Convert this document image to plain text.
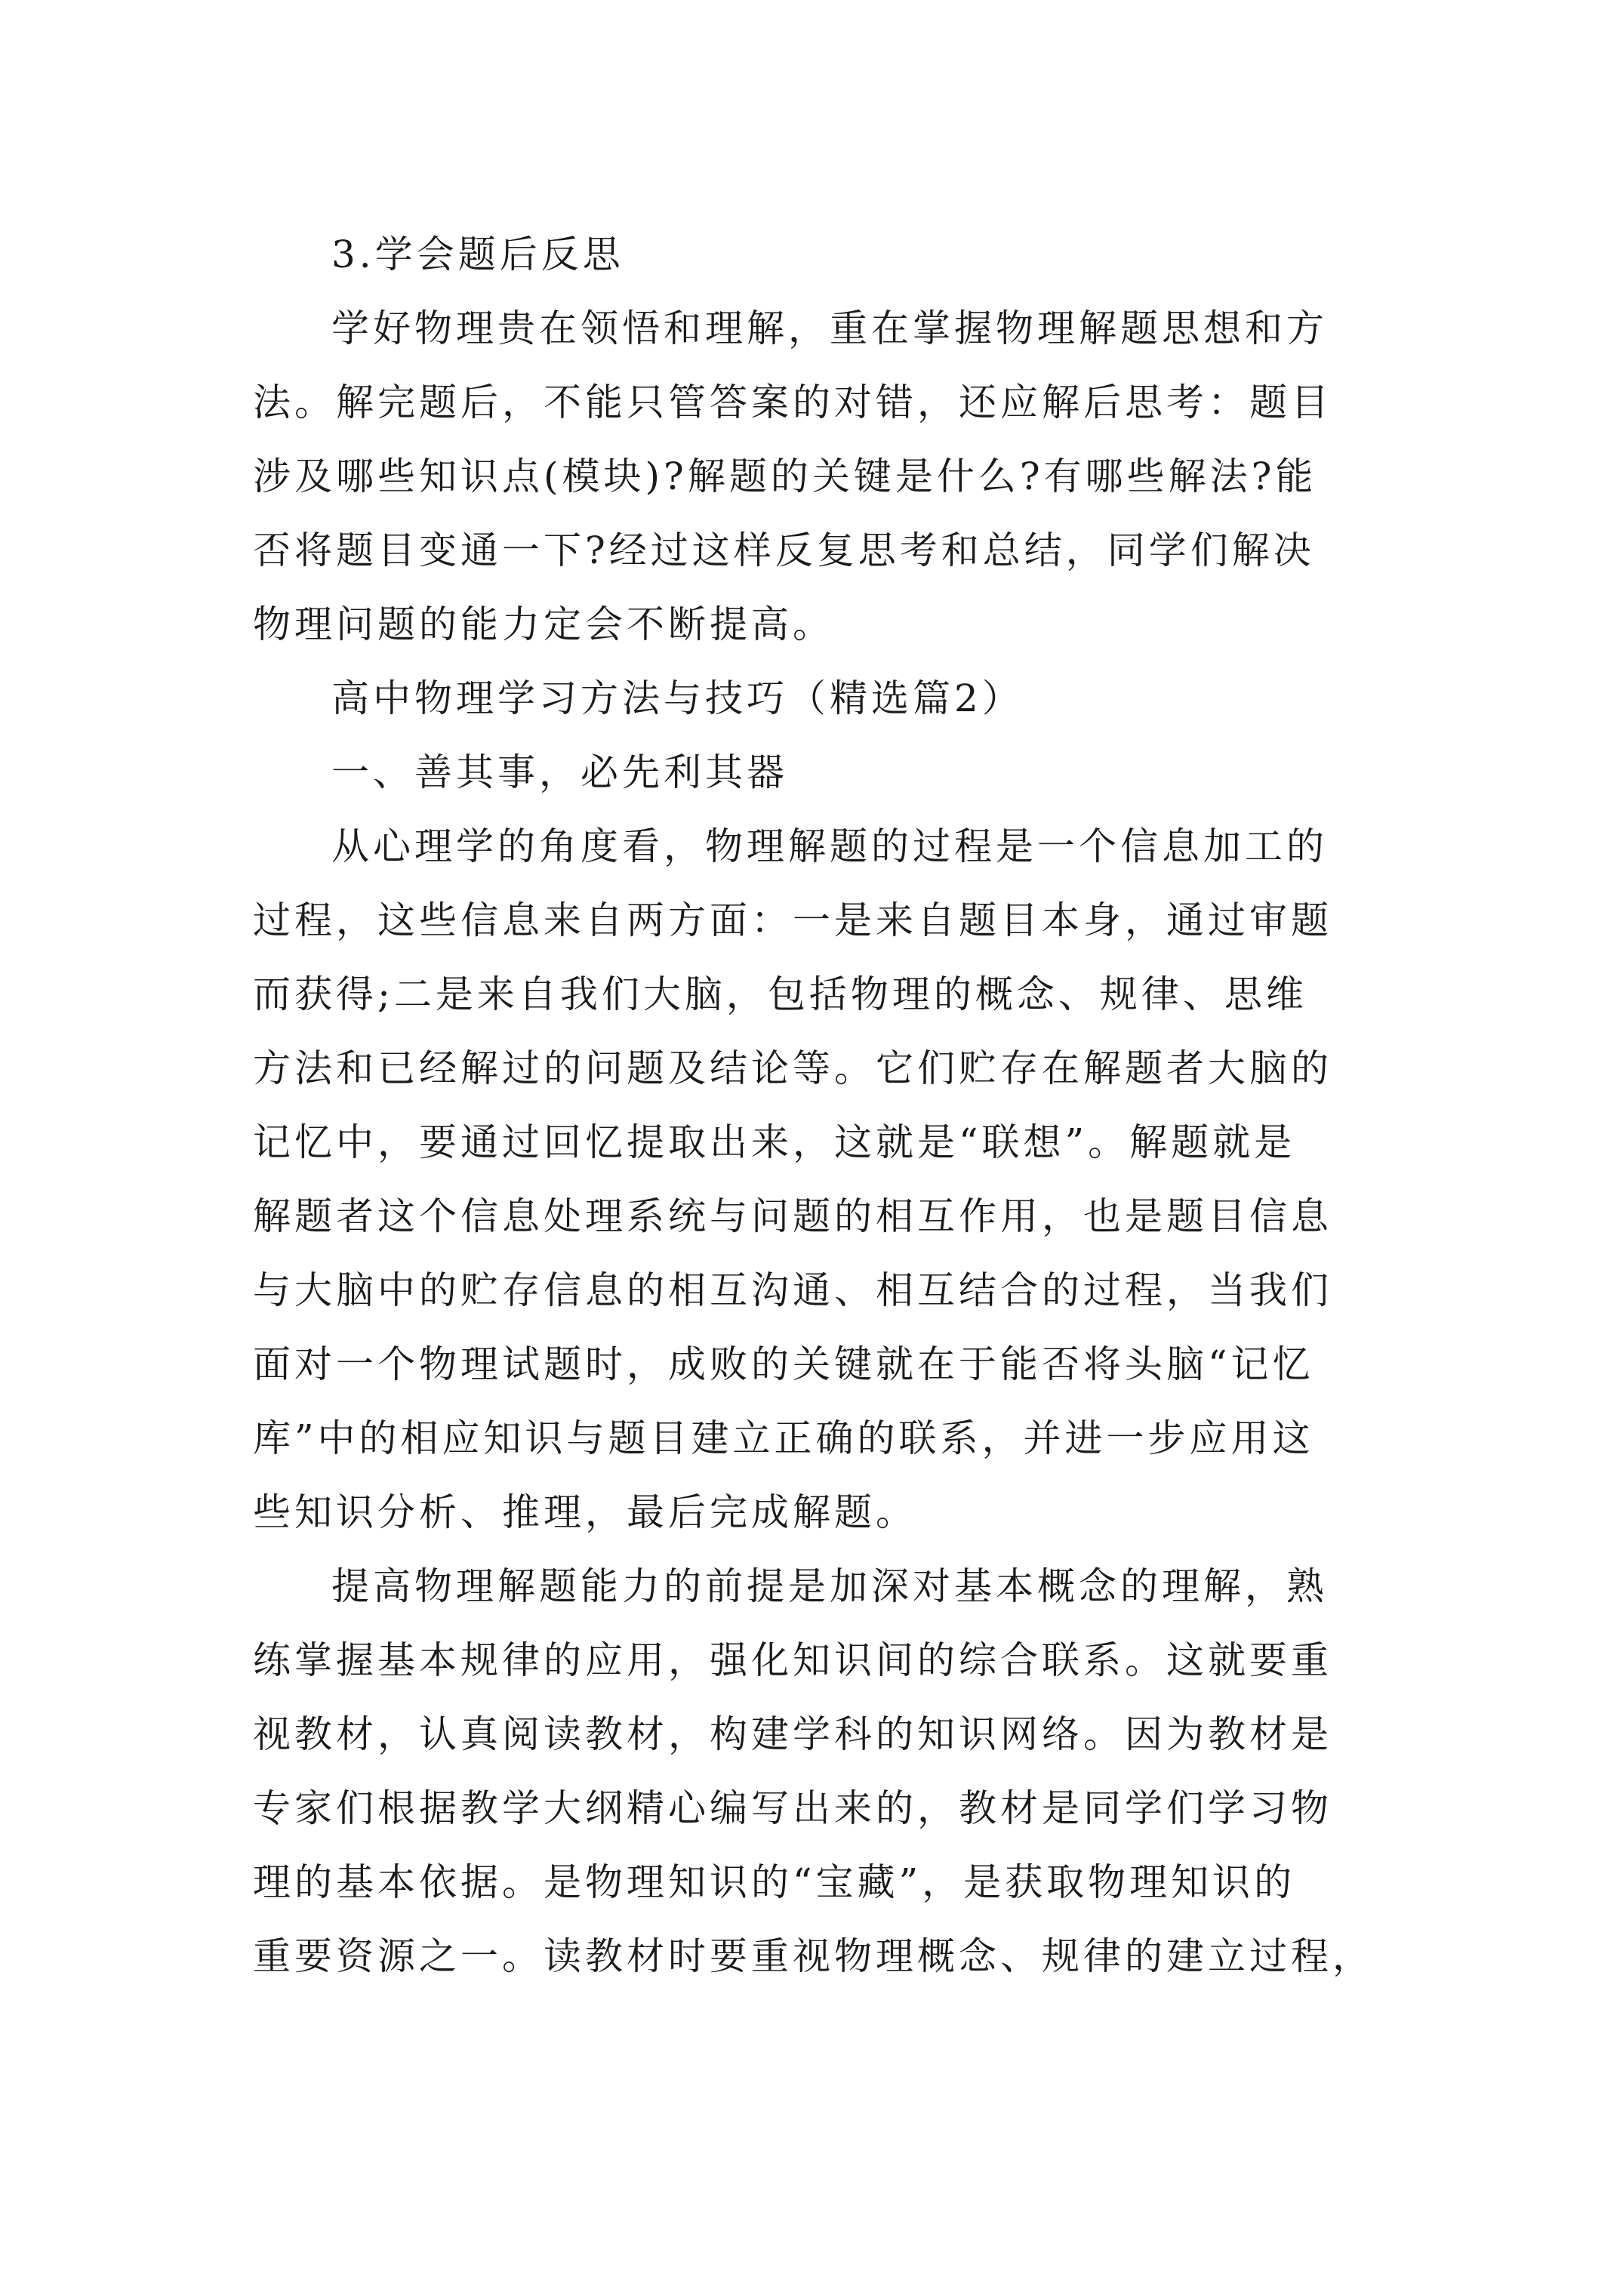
3.学会题后反思
学好物理贵在领悟和理解，重在掌握物理解题思想和方
法。解完题后，不能只管答案的对错，还应解后思考：题目
涉及哪些知识点(模块)?解题的关键是什么?有哪些解法?能
否将题目变通一下?经过这样反复思考和总结，同学们解决
物理问题的能力定会不断提高。
高中物理学习方法与技巧（精选篇2）
一、善其事，必先利其器
从心理学的角度看，物理解题的过程是一个信息加工的
过程，这些信息来自两方面：一是来自题目本身，通过审题
而获得;二是来自我们大脑，包括物理的概念、规律、思维
方法和已经解过的问题及结论等。它们贮存在解题者大脑的
记忆中，要通过回忆提取出来，这就是“联想”。解题就是
解题者这个信息处理系统与问题的相互作用，也是题目信息
与大脑中的贮存信息的相互沟通、相互结合的过程，当我们
面对一个物理试题时，成败的关键就在于能否将头脑“记忆
库”中的相应知识与题目建立正确的联系，并进一步应用这
些知识分析、推理，最后完成解题。
提高物理解题能力的前提是加深对基本概念的理解，熟
练掌握基本规律的应用，强化知识间的综合联系。这就要重
视教材，认真阅读教材，构建学科的知识网络。因为教材是
专家们根据教学大纲精心编写出来的，教材是同学们学习物
理的基本依据。是物理知识的“宝藏”，是获取物理知识的
重要资源之一。读教材时要重视物理概念、规律的建立过程，
